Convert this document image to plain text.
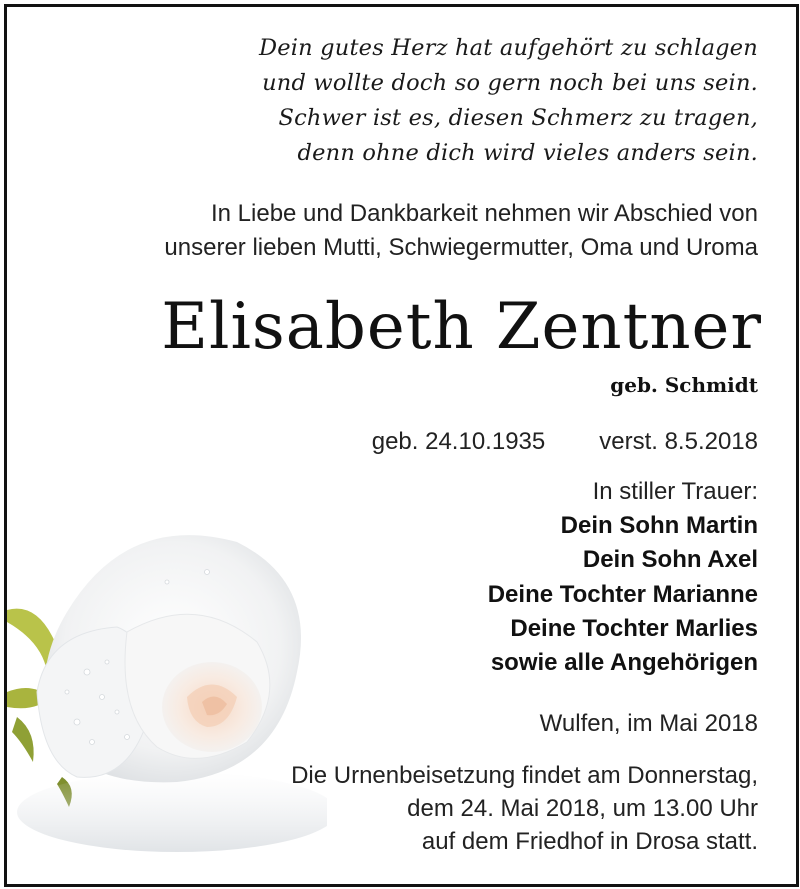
Dein gutes Herz hat aufgehört zu schlagen
und wollte doch so gern noch bei uns sein.
Schwer ist es, diesen Schmerz zu tragen,
denn ohne dich wird vieles anders sein.
In Liebe und Dankbarkeit nehmen wir Abschied von
unserer lieben Mutti, Schwiegermutter, Oma und Uroma
Elisabeth Zentner
geb. Schmidt
geb. 24.10.1935 verst. 8.5.2018
In stiller Trauer:
Dein Sohn Martin
Dein Sohn Axel
Deine Tochter Marianne
Deine Tochter Marlies
sowie alle Angehörigen
Wulfen, im Mai 2018
Die Urnenbeisetzung findet am Donnerstag,
dem 24. Mai 2018, um 13.00 Uhr
auf dem Friedhof in Drosa statt.
